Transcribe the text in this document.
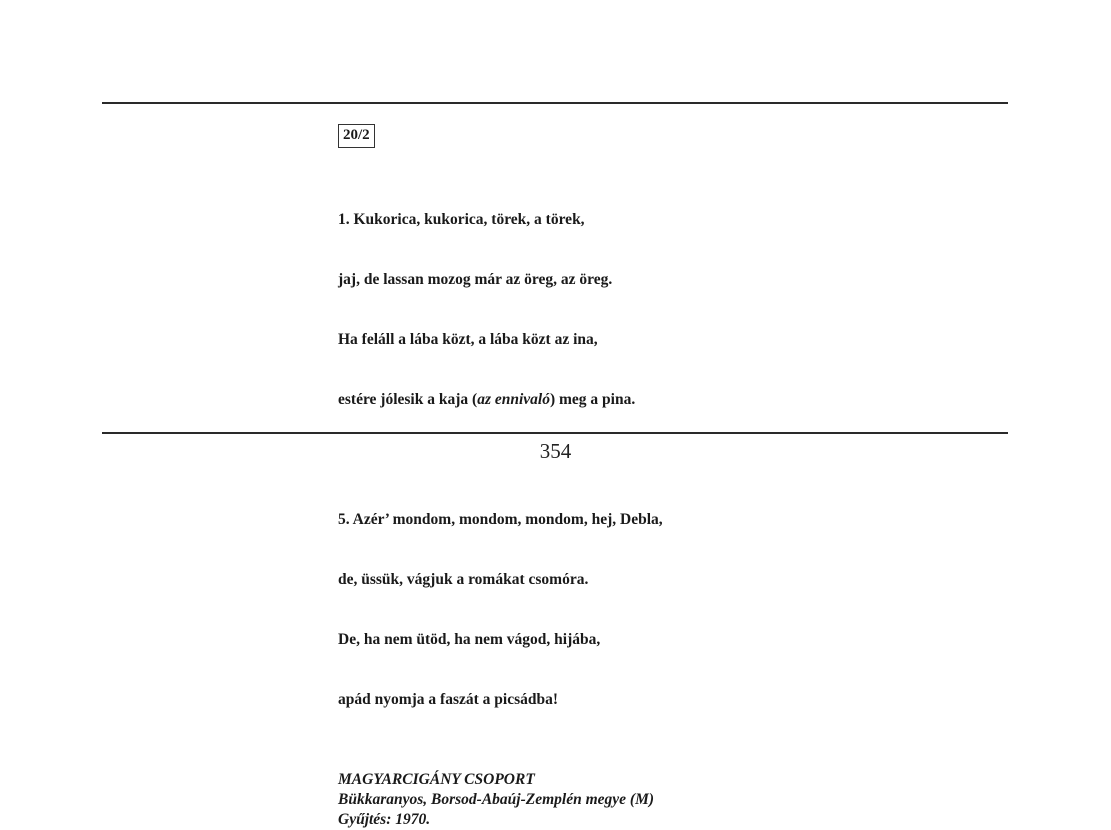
20/2

1. Kukorica, kukorica, törek, a törek,

jaj, de lassan mozog már az öreg, az öreg.

Ha feláll a lába közt, a lába közt az ina,

estére jólesik a kaja (az ennivaló) meg a pina.

5. Azér’ mondom, mondom, mondom, hej, Debla,

de, üssük, vágjuk a romákat csomóra.

De, ha nem ütöd, ha nem vágod, hijába,

apád nyomja a faszát a picsádba!

MAGYARCIGÁNY CSOPORT
Bükkaranyos, Borsod-Abaúj-Zemplén megye (M)
Gyűjtés: 1970.
354
